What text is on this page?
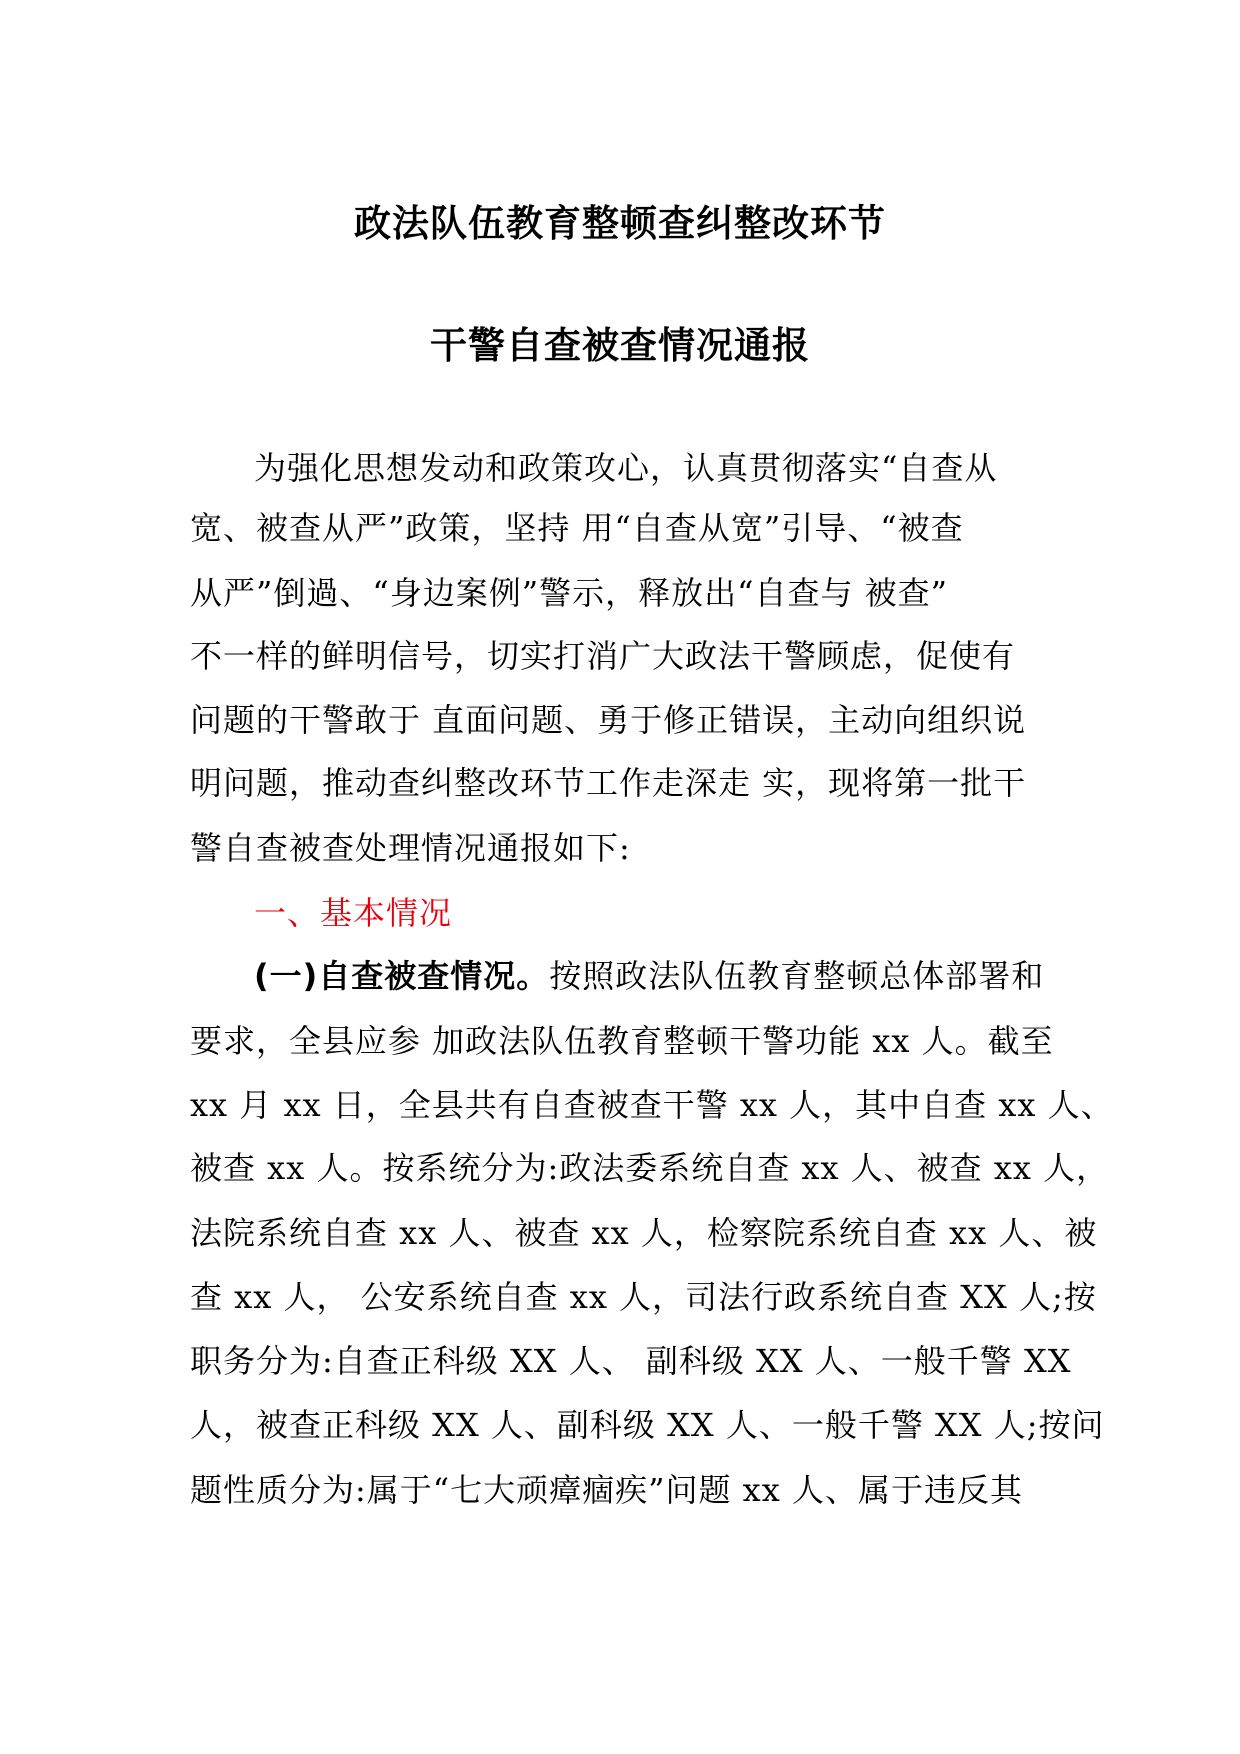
政法队伍教育整顿查纠整改环节
干警自查被查情况通报
为强化思想发动和政策攻心，认真贯彻落实“自查从
宽、被查从严”政策，坚持 用“自查从宽”引导、“被查
从严”倒過、“身边案例”警示，释放出“自查与 被查”
不一样的鲜明信号，切实打消广大政法干警顾虑，促使有
问题的干警敢于 直面问题、勇于修正错误，主动向组织说
明问题，推动查纠整改环节工作走深走 实，现将第一批干
警自查被查处理情况通报如下:
一、基本情况
(一)自查被查情况。按照政法队伍教育整顿总体部署和
要求，全县应参 加政法队伍教育整顿干警功能 xx 人。截至
xx 月 xx 日，全县共有自查被查干警 xx 人，其中自查 xx 人、
被查 xx 人。按系统分为:政法委系统自查 xx 人、被查 xx 人，
法院系统自查 xx 人、被查 xx 人，检察院系统自查 xx 人、被
查 xx 人， 公安系统自查 xx 人，司法行政系统自查 XX 人;按
职务分为:自查正科级 XX 人、 副科级 XX 人、一般千警 XX
人，被查正科级 XX 人、副科级 XX 人、一般千警 XX 人;按问
题性质分为:属于“七大顽瘴痼疾”问题 xx 人、属于违反其
